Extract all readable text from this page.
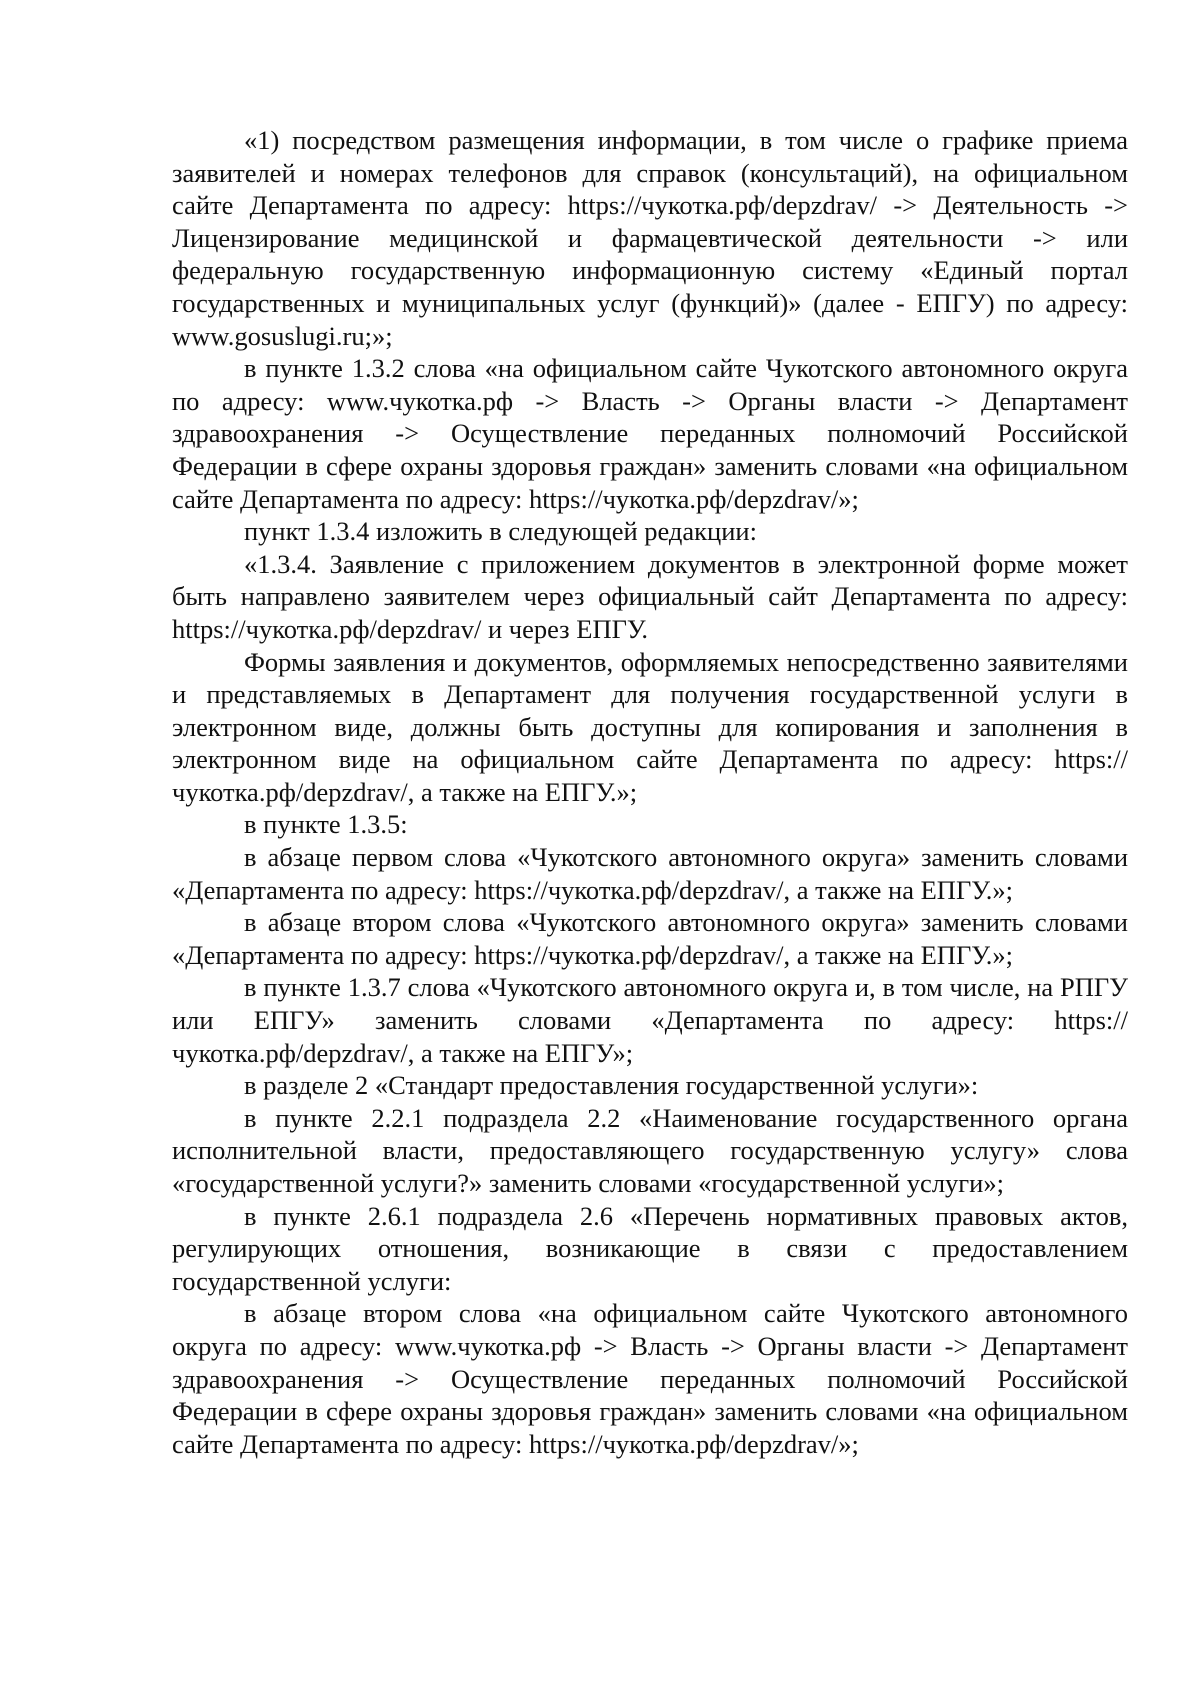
«1) посредством размещения информации, в том числе о графике приема заявителей и номерах телефонов для справок (консультаций), на официальном сайте Департамента по адресу: https://чукотка.рф/depzdrav/ -> Деятельность -> Лицензирование медицинской и фармацевтической деятельности -> или федеральную государственную информационную систему «Единый портал государственных и муниципальных услуг (функций)» (далее - ЕПГУ) по адресу: www.gosuslugi.ru;»;

в пункте 1.3.2 слова «на официальном сайте Чукотского автономного округа по адресу: www.чукотка.рф -> Власть -> Органы власти -> Департамент здравоохранения -> Осуществление переданных полномочий Российской Федерации в сфере охраны здоровья граждан» заменить словами «на официальном сайте Департамента по адресу: https://чукотка.рф/depzdrav/»;

пункт 1.3.4 изложить в следующей редакции:

«1.3.4. Заявление с приложением документов в электронной форме может быть направлено заявителем через официальный сайт Департамента по адресу: https://чукотка.рф/depzdrav/ и через ЕПГУ.

Формы заявления и документов, оформляемых непосредственно заявителями и представляемых в Департамент для получения государственной услуги в электронном виде, должны быть доступны для копирования и заполнения в электронном виде на официальном сайте Департамента по адресу: https://чукотка.рф/depzdrav/, а также на ЕПГУ.»;

в пункте 1.3.5:

в абзаце первом слова «Чукотского автономного округа» заменить словами «Департамента по адресу: https://чукотка.рф/depzdrav/, а также на ЕПГУ.»;

в абзаце втором слова «Чукотского автономного округа» заменить словами «Департамента по адресу: https://чукотка.рф/depzdrav/, а также на ЕПГУ.»;

в пункте 1.3.7 слова «Чукотского автономного округа и, в том числе, на РПГУ или ЕПГУ» заменить словами «Департамента по адресу: https://чукотка.рф/depzdrav/, а также на ЕПГУ»;

в разделе 2 «Стандарт предоставления государственной услуги»:

в пункте 2.2.1 подраздела 2.2 «Наименование государственного органа исполнительной власти, предоставляющего государственную услугу» слова «государственной услуги?» заменить словами «государственной услуги»;

в пункте 2.6.1 подраздела 2.6 «Перечень нормативных правовых актов, регулирующих отношения, возникающие в связи с предоставлением государственной услуги:

в абзаце втором слова «на официальном сайте Чукотского автономного округа по адресу: www.чукотка.рф -> Власть -> Органы власти -> Департамент здравоохранения -> Осуществление переданных полномочий Российской Федерации в сфере охраны здоровья граждан» заменить словами «на официальном сайте Департамента по адресу: https://чукотка.рф/depzdrav/»;
